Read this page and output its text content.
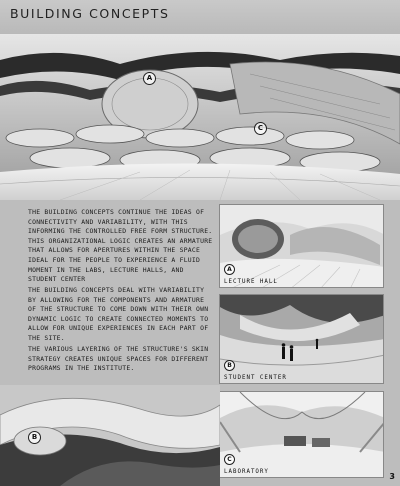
BUILDING CONCEPTS
A
C
THE BUILDING CONCEPTS CONTINUE THE IDEAS OF CONNECTIVITY AND VARIABILITY, WITH THIS INFORMING THE CONTROLLED FREE FORM STRUCTURE. THIS ORGANIZATIONAL LOGIC CREATES AN ARMATURE THAT ALLOWS FOR APERTURES WITHIN THE SPACE IDEAL FOR THE PEOPLE TO EXPERIENCE A FLUID MOMENT IN THE LABS, LECTURE HALLS, AND STUDENT CENTER
THE BUILDING CONCEPTS DEAL WITH VARIABILITY BY ALLOWING FOR THE COMPONENTS AND ARMATURE OF THE STRUCTURE TO COME DOWN WITH THEIR OWN DYNAMIC LOGIC TO CREATE CONNECTED MOMENTS TO ALLOW FOR UNIQUE EXPERIENCES IN EACH PART OF THE SITE.
THE VARIOUS LAYERING OF THE STRUCTURE'S SKIN STRATEGY CREATES UNIQUE SPACES FOR DIFFERENT PROGRAMS IN THE INSTITUTE.
A
LECTURE HALL
B
STUDENT CENTER
C
LABORATORY
B
3
